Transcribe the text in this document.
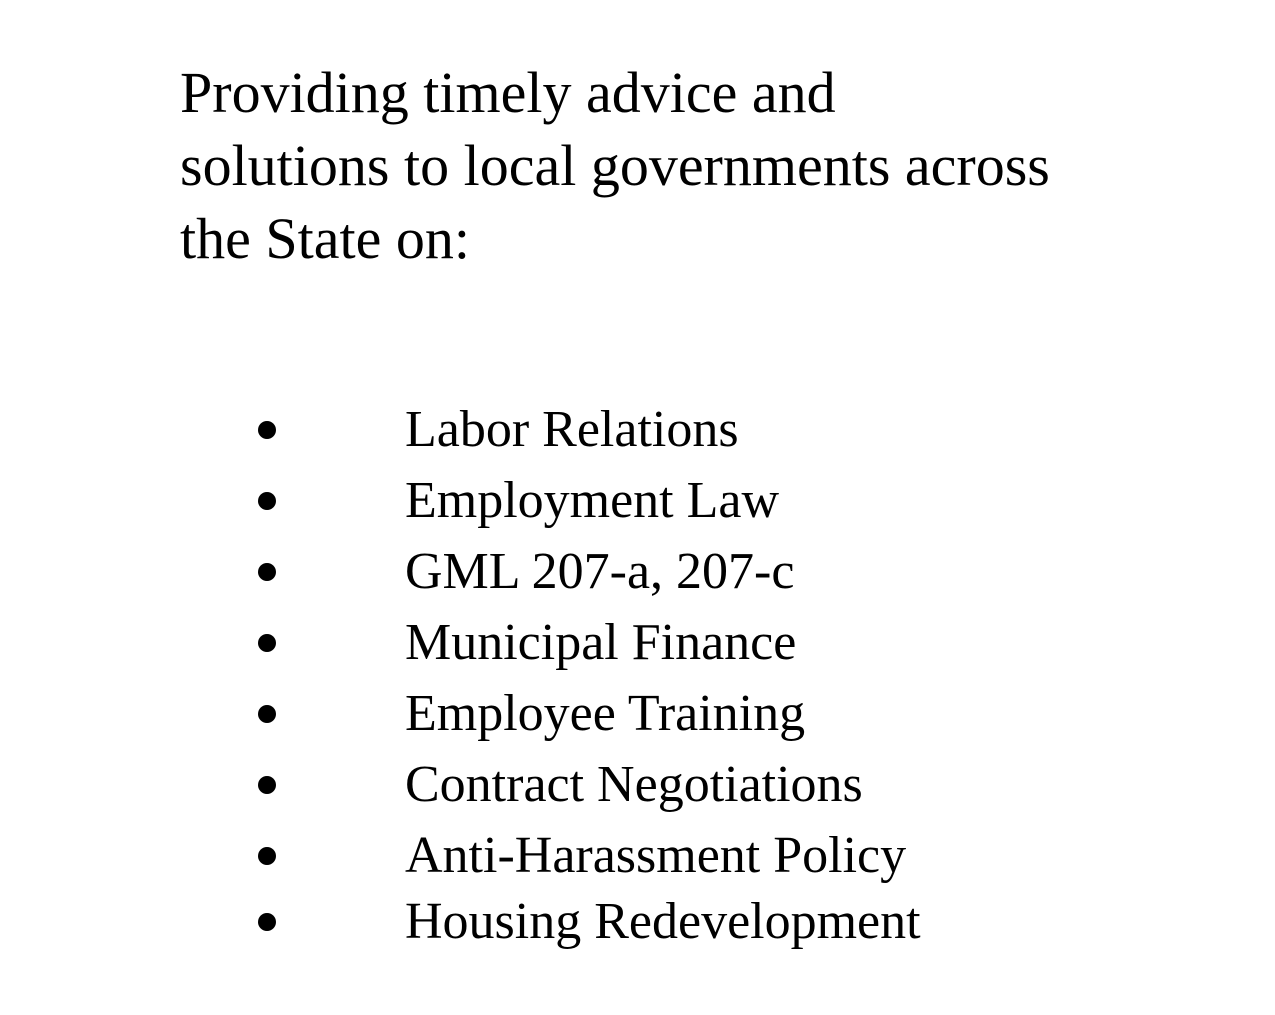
Providing timely advice and
solutions to local governments across
the State on:
Labor Relations
Employment Law
GML 207-a, 207-c
Municipal Finance
Employee Training
Contract Negotiations
Anti-Harassment Policy
Housing Redevelopment
